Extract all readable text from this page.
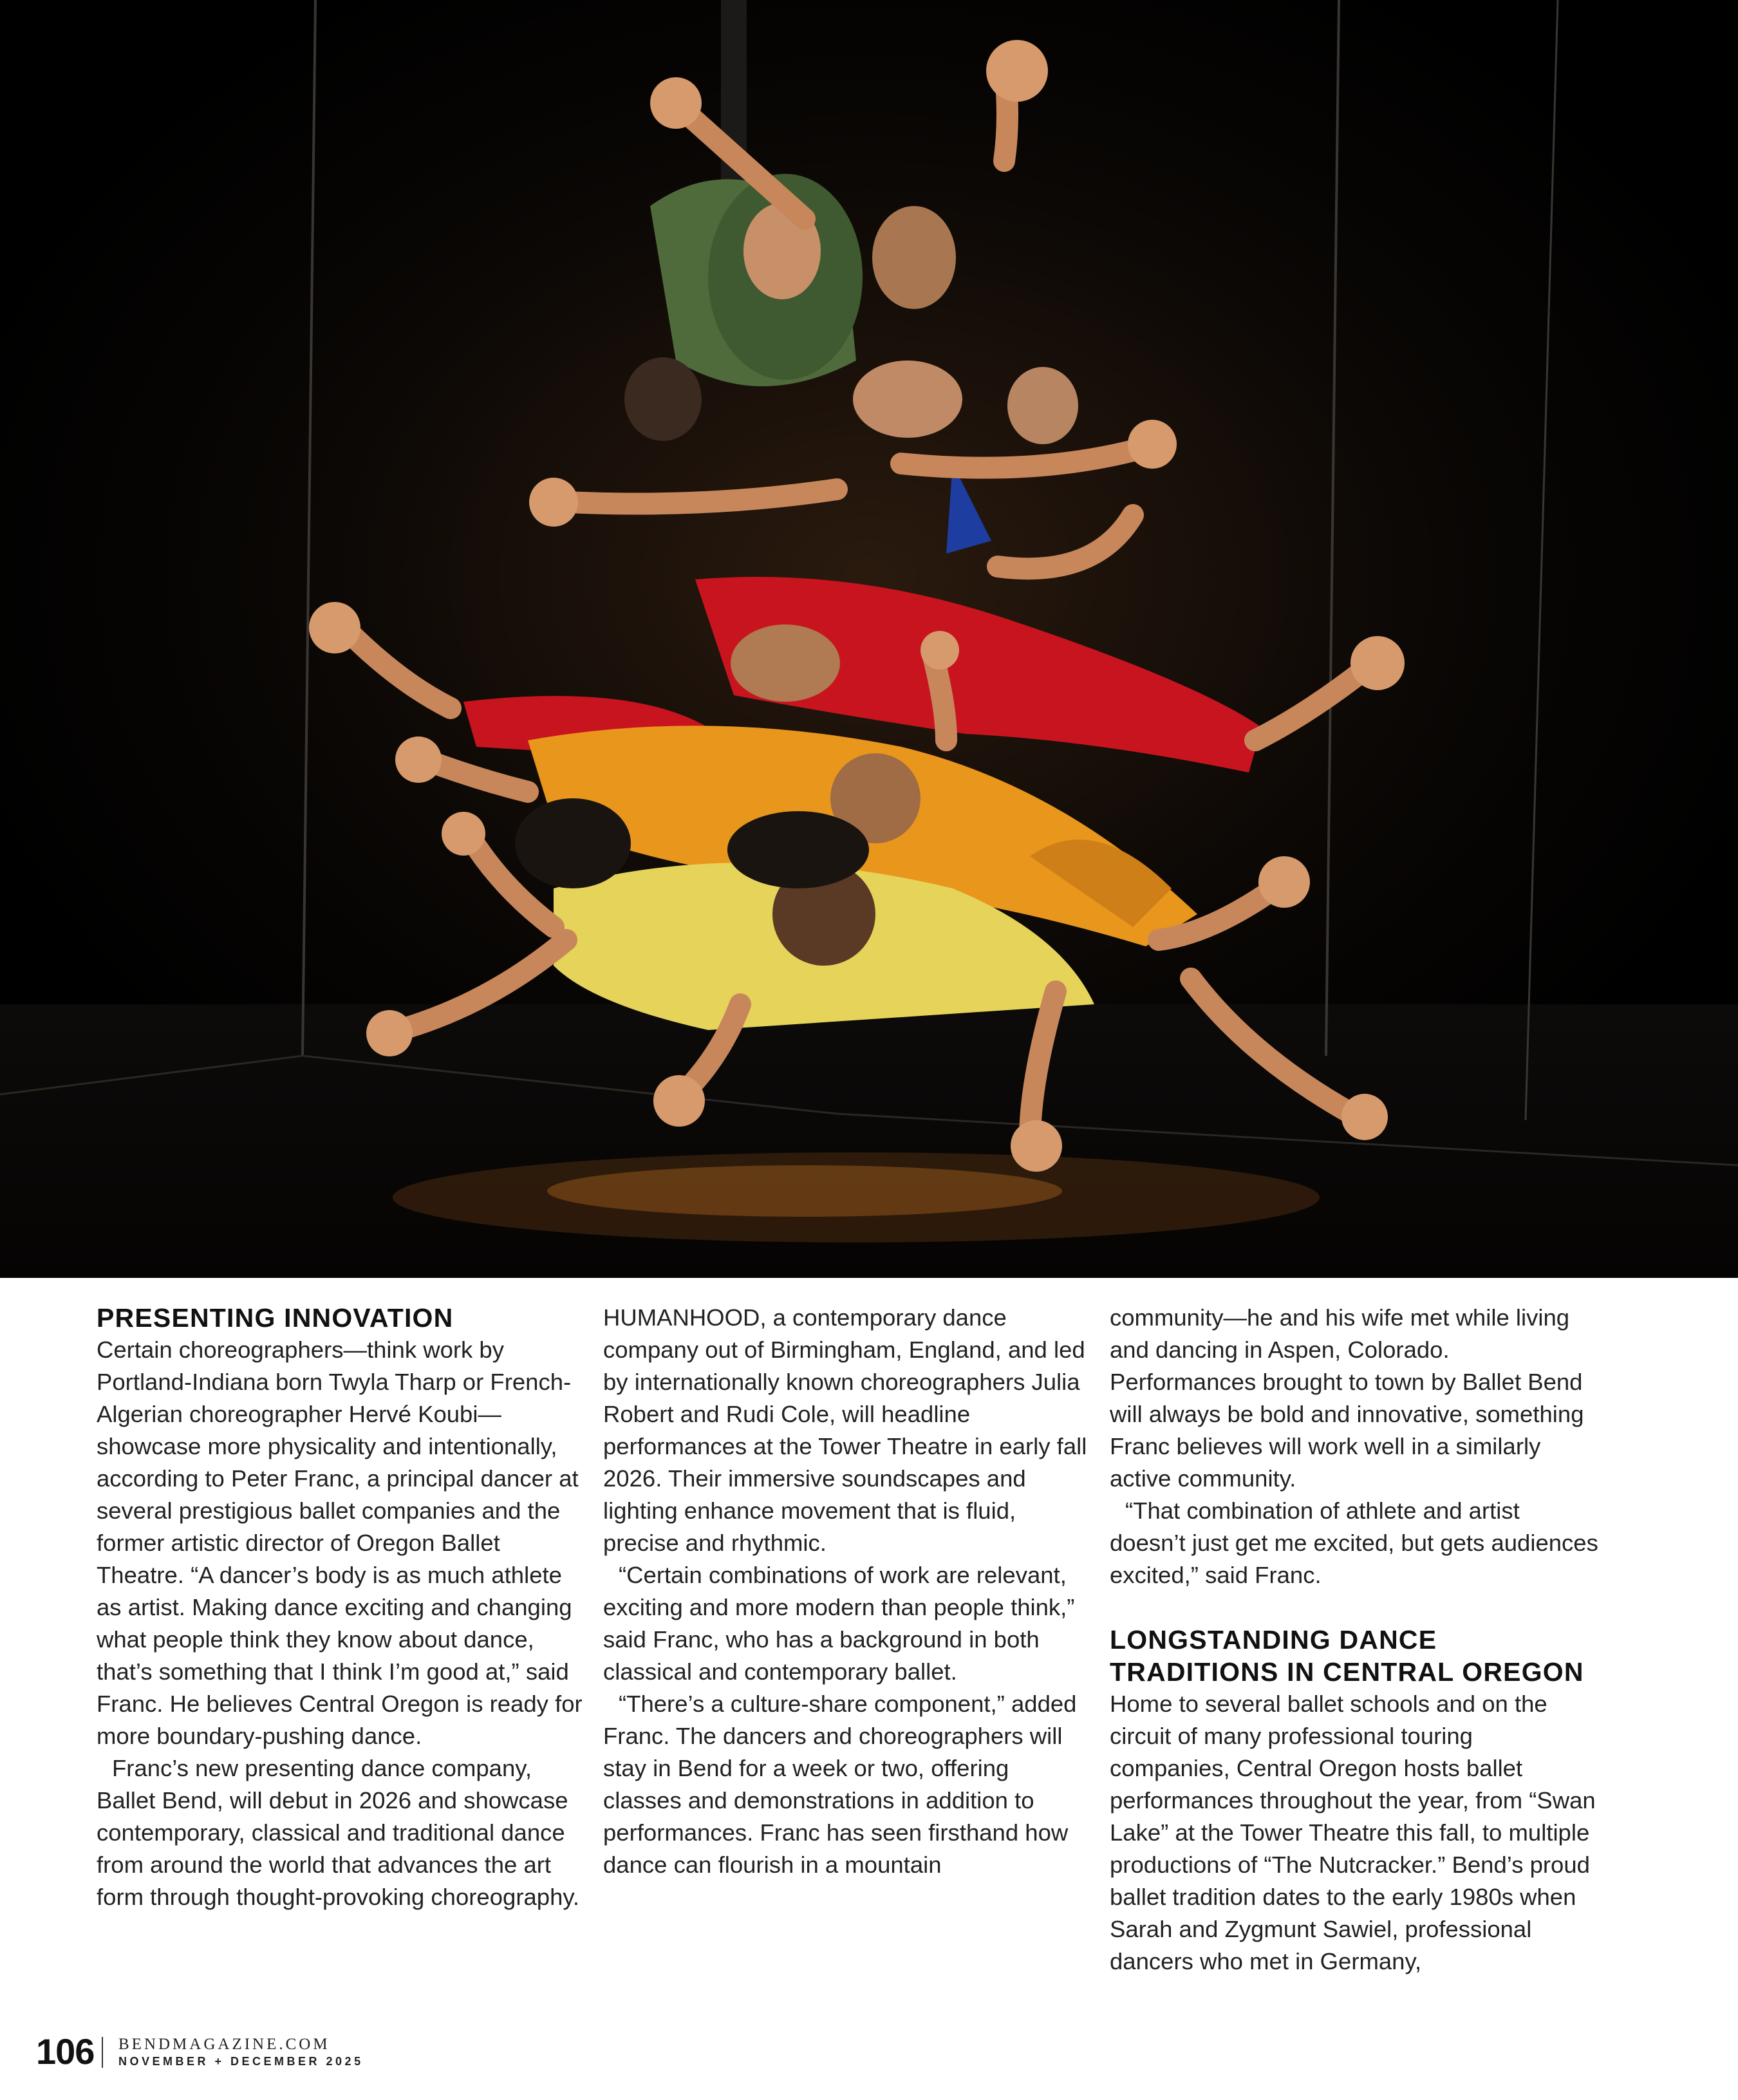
PRESENTING INNOVATION

Certain choreographers—think work by Portland-Indiana born Twyla Tharp or French-Algerian choreographer Hervé Koubi—showcase more physicality and intentionally, according to Peter Franc, a principal dancer at several prestigious ballet companies and the former artistic director of Oregon Ballet Theatre. “A dancer’s body is as much athlete as artist. Making dance exciting and changing what people think they know about dance, that’s something that I think I’m good at,” said Franc. He believes Central Oregon is ready for more boundary-pushing dance.

Franc’s new presenting dance company, Ballet Bend, will debut in 2026 and showcase contemporary, classical and traditional dance from around the world that advances the art form through thought-provoking choreography.

HUMANHOOD, a contemporary dance company out of Birmingham, England, and led by internationally known choreographers Julia Robert and Rudi Cole, will headline performances at the Tower Theatre in early fall 2026. Their immersive soundscapes and lighting enhance movement that is fluid, precise and rhythmic.

“Certain combinations of work are relevant, exciting and more modern than people think,” said Franc, who has a background in both classical and contemporary ballet.

“There’s a culture-share component,” added Franc. The dancers and choreographers will stay in Bend for a week or two, offering classes and demonstrations in addition to performances. Franc has seen firsthand how dance can flourish in a mountain

community—he and his wife met while living and dancing in Aspen, Colorado. Performances brought to town by Ballet Bend will always be bold and innovative, something Franc believes will work well in a similarly active community.

“That combination of athlete and artist doesn’t just get me excited, but gets audiences excited,” said Franc.

LONGSTANDING DANCE TRADITIONS IN CENTRAL OREGON

Home to several ballet schools and on the circuit of many professional touring companies, Central Oregon hosts ballet performances throughout the year, from “Swan Lake” at the Tower Theatre this fall, to multiple productions of “The Nutcracker.” Bend’s proud ballet tradition dates to the early 1980s when Sarah and Zygmunt Sawiel, professional dancers who met in Germany,

106 BENDMAGAZINE.COM
NOVEMBER + DECEMBER 2025
